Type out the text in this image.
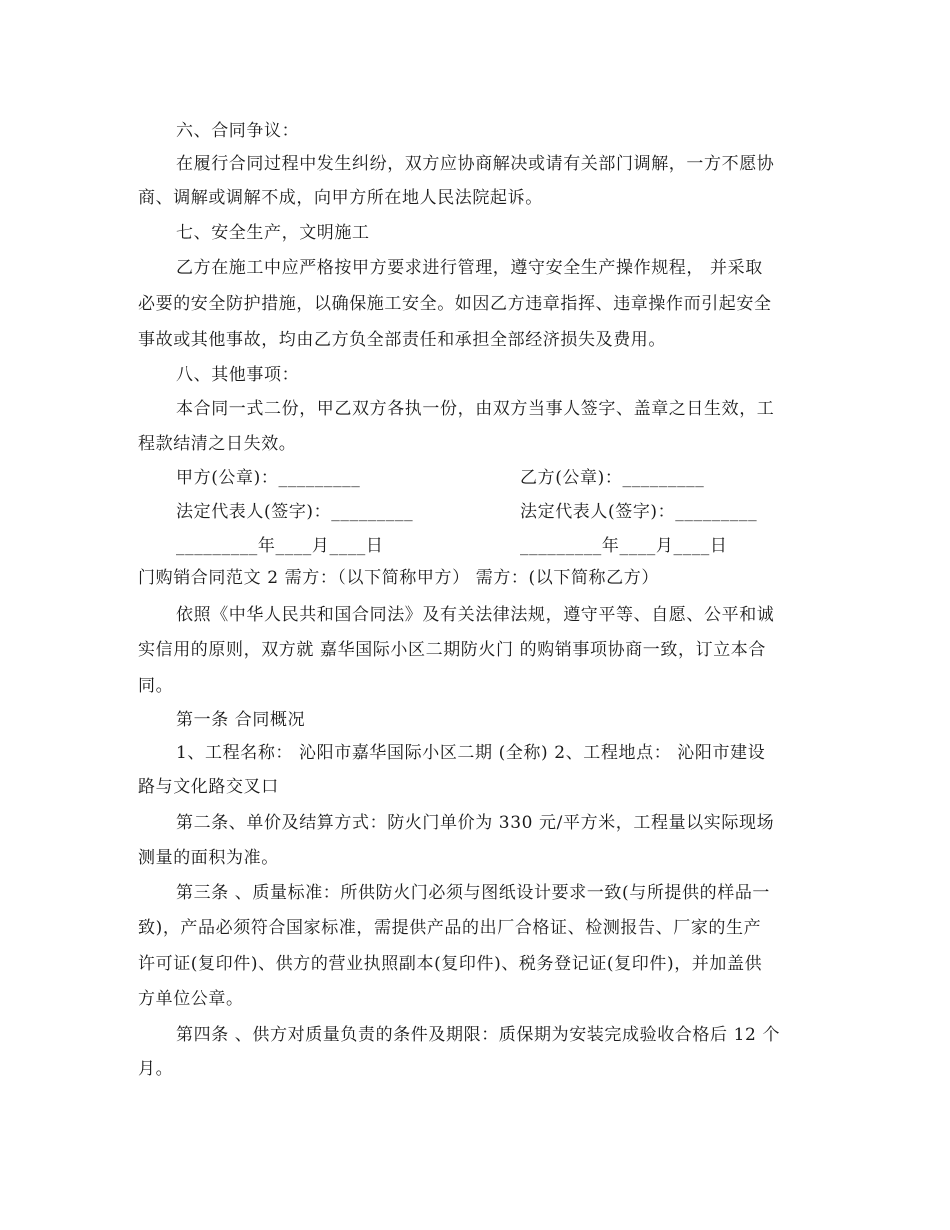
六、合同争议：
在履行合同过程中发生纠纷，双方应协商解决或请有关部门调解，一方不愿协
商、调解或调解不成，向甲方所在地人民法院起诉。
七、安全生产，文明施工
乙方在施工中应严格按甲方要求进行管理，遵守安全生产操作规程， 并采取
必要的安全防护措施，以确保施工安全。如因乙方违章指挥、违章操作而引起安全
事故或其他事故，均由乙方负全部责任和承担全部经济损失及费用。
八、其他事项：
本合同一式二份，甲乙双方各执一份，由双方当事人签字、盖章之日生效，工
程款结清之日失效。
甲方(公章)：_________	乙方(公章)：_________
法定代表人(签字)：_________	法定代表人(签字)：_________
_________年____月____日	_________年____月____日
门购销合同范文 2 需方：（以下简称甲方） 需方：(以下简称乙方）
依照《中华人民共和国合同法》及有关法律法规，遵守平等、自愿、公平和诚
实信用的原则，双方就 嘉华国际小区二期防火门 的购销事项协商一致，订立本合
同。
第一条 合同概况
1、工程名称： 沁阳市嘉华国际小区二期 (全称) 2、工程地点： 沁阳市建设
路与文化路交叉口
第二条、单价及结算方式：防火门单价为 330 元/平方米，工程量以实际现场
测量的面积为准。
第三条 、质量标准：所供防火门必须与图纸设计要求一致(与所提供的样品一
致)，产品必须符合国家标准，需提供产品的出厂合格证、检测报告、厂家的生产
许可证(复印件)、供方的营业执照副本(复印件)、税务登记证(复印件)，并加盖供
方单位公章。
第四条 、供方对质量负责的条件及期限：质保期为安装完成验收合格后 12 个
月。
